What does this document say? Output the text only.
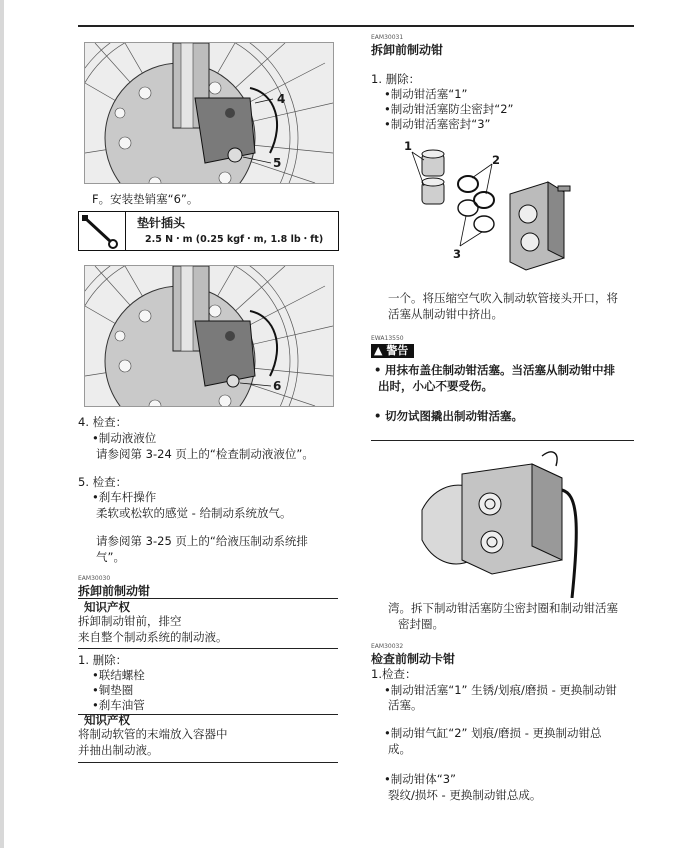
4
5
F。安装垫销塞“6”。
垫针插头
2.5 N・m (0.25 kgf・m, 1.8 lb・ft)
6
4. 检查：
•制动液液位
请参阅第 3-24 页上的“检查制动液液位”。
5. 检查：
•刹车杆操作
柔软或松软的感觉 - 给制动系统放气。
请参阅第 3-25 页上的“给液压制动系统排
气”。
EAM30030
拆卸前制动钳
知识产权
拆卸制动钳前，排空
来自整个制动系统的制动液。
1. 删除：
•联结螺栓
•铜垫圈
•刹车油管
知识产权
将制动软管的末端放入容器中
并抽出制动液。
EAM30031
拆卸前制动钳
1. 删除：
•制动钳活塞“1”
•制动钳活塞防尘密封“2”
•制动钳活塞密封“3”
1
2
3
一个。将压缩空气吹入制动软管接头开口，将
活塞从制动钳中挤出。
EWA13550
▲ 警告
• 用抹布盖住制动钳活塞。当活塞从制动钳中排
出时，小心不要受伤。
• 切勿试图撬出制动钳活塞。
湾。拆下制动钳活塞防尘密封圈和制动钳活塞
密封圈。
EAM30032
检查前制动卡钳
1.检查：
•制动钳活塞“1” 生锈/划痕/磨损 - 更换制动钳
活塞。
•制动钳气缸“2” 划痕/磨损 - 更换制动钳总
成。
•制动钳体“3”
裂纹/损坏 - 更换制动钳总成。
